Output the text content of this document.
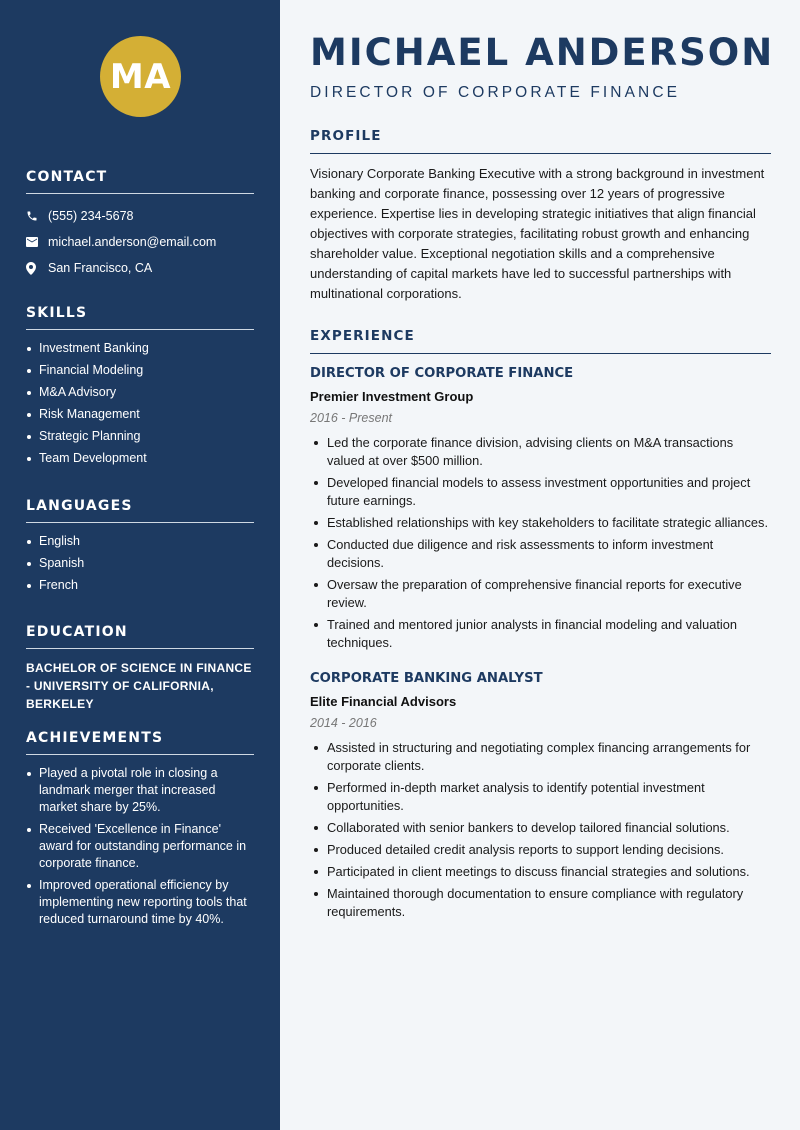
MA
CONTACT
(555) 234-5678
michael.anderson@email.com
San Francisco, CA
SKILLS
Investment Banking
Financial Modeling
M&A Advisory
Risk Management
Strategic Planning
Team Development
LANGUAGES
English
Spanish
French
EDUCATION
BACHELOR OF SCIENCE IN FINANCE - UNIVERSITY OF CALIFORNIA, BERKELEY
ACHIEVEMENTS
Played a pivotal role in closing a landmark merger that increased market share by 25%.
Received 'Excellence in Finance' award for outstanding performance in corporate finance.
Improved operational efficiency by implementing new reporting tools that reduced turnaround time by 40%.
MICHAEL ANDERSON
DIRECTOR OF CORPORATE FINANCE
PROFILE
Visionary Corporate Banking Executive with a strong background in investment banking and corporate finance, possessing over 12 years of progressive experience. Expertise lies in developing strategic initiatives that align financial objectives with corporate strategies, facilitating robust growth and enhancing shareholder value. Exceptional negotiation skills and a comprehensive understanding of capital markets have led to successful partnerships with multinational corporations.
EXPERIENCE
DIRECTOR OF CORPORATE FINANCE
Premier Investment Group
2016 - Present
Led the corporate finance division, advising clients on M&A transactions valued at over $500 million.
Developed financial models to assess investment opportunities and project future earnings.
Established relationships with key stakeholders to facilitate strategic alliances.
Conducted due diligence and risk assessments to inform investment decisions.
Oversaw the preparation of comprehensive financial reports for executive review.
Trained and mentored junior analysts in financial modeling and valuation techniques.
CORPORATE BANKING ANALYST
Elite Financial Advisors
2014 - 2016
Assisted in structuring and negotiating complex financing arrangements for corporate clients.
Performed in-depth market analysis to identify potential investment opportunities.
Collaborated with senior bankers to develop tailored financial solutions.
Produced detailed credit analysis reports to support lending decisions.
Participated in client meetings to discuss financial strategies and solutions.
Maintained thorough documentation to ensure compliance with regulatory requirements.
